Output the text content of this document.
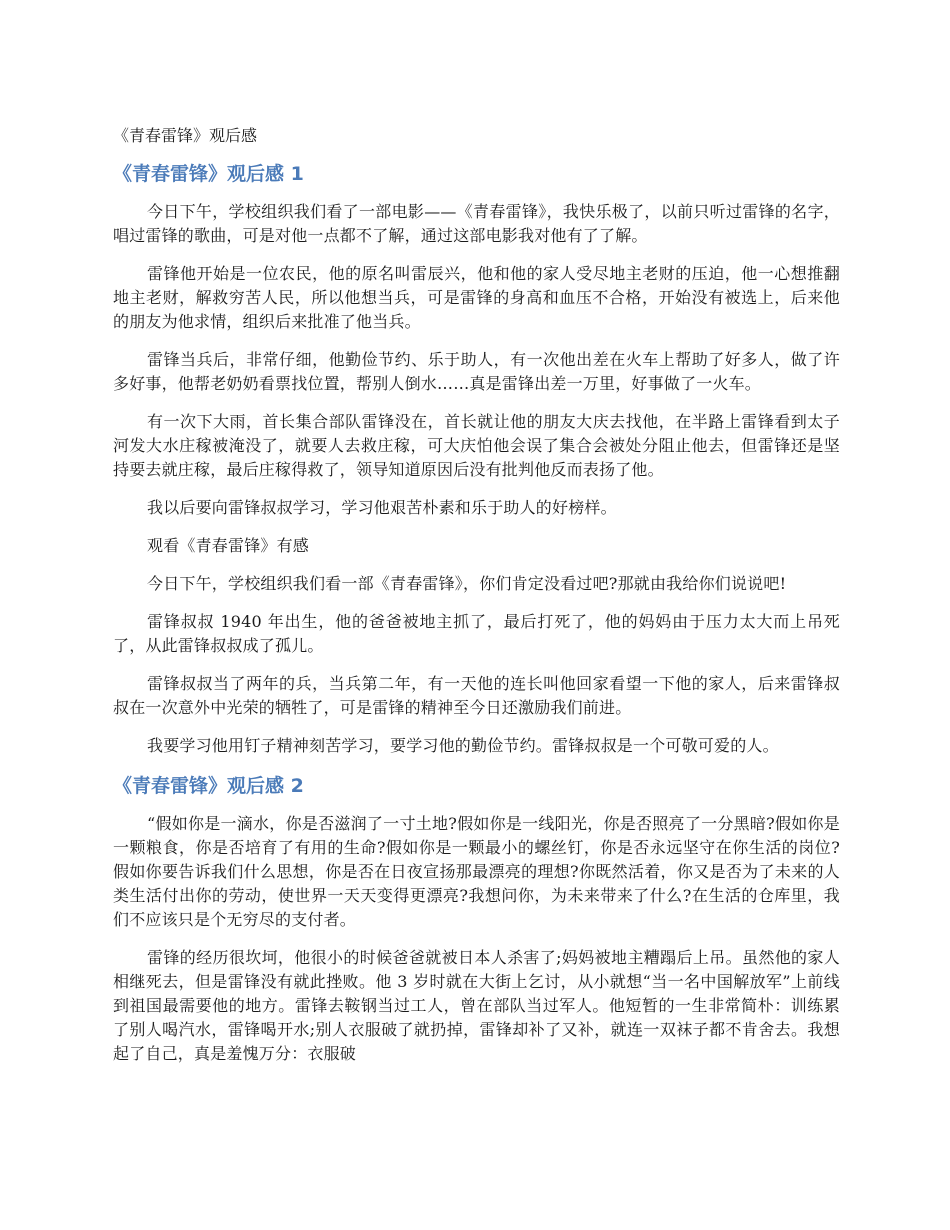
《青春雷锋》观后感
《青春雷锋》观后感 1

今日下午，学校组织我们看了一部电影——《青春雷锋》，我快乐极了，以前只听过雷锋的名字，唱过雷锋的歌曲，可是对他一点都不了解，通过这部电影我对他有了了解。

雷锋他开始是一位农民，他的原名叫雷辰兴，他和他的家人受尽地主老财的压迫，他一心想推翻地主老财，解救穷苦人民，所以他想当兵，可是雷锋的身高和血压不合格，开始没有被选上，后来他的朋友为他求情，组织后来批准了他当兵。

雷锋当兵后，非常仔细，他勤俭节约、乐于助人，有一次他出差在火车上帮助了好多人，做了许多好事，他帮老奶奶看票找位置，帮别人倒水……真是雷锋出差一万里，好事做了一火车。

有一次下大雨，首长集合部队雷锋没在，首长就让他的朋友大庆去找他，在半路上雷锋看到太子河发大水庄稼被淹没了，就要人去救庄稼，可大庆怕他会误了集合会被处分阻止他去，但雷锋还是坚持要去就庄稼，最后庄稼得救了，领导知道原因后没有批判他反而表扬了他。

我以后要向雷锋叔叔学习，学习他艰苦朴素和乐于助人的好榜样。

观看《青春雷锋》有感

今日下午，学校组织我们看一部《青春雷锋》，你们肯定没看过吧?那就由我给你们说说吧!

雷锋叔叔 1940 年出生，他的爸爸被地主抓了，最后打死了，他的妈妈由于压力太大而上吊死了，从此雷锋叔叔成了孤儿。

雷锋叔叔当了两年的兵，当兵第二年，有一天他的连长叫他回家看望一下他的家人，后来雷锋叔叔在一次意外中光荣的牺牲了，可是雷锋的精神至今日还激励我们前进。

我要学习他用钉子精神刻苦学习，要学习他的勤俭节约。雷锋叔叔是一个可敬可爱的人。

《青春雷锋》观后感 2

“假如你是一滴水，你是否滋润了一寸土地?假如你是一线阳光，你是否照亮了一分黑暗?假如你是一颗粮食，你是否培育了有用的生命?假如你是一颗最小的螺丝钉，你是否永远坚守在你生活的岗位?假如你要告诉我们什么思想，你是否在日夜宣扬那最漂亮的理想?你既然活着，你又是否为了未来的人类生活付出你的劳动，使世界一天天变得更漂亮?我想问你，为未来带来了什么?在生活的仓库里，我们不应该只是个无穷尽的支付者。

雷锋的经历很坎坷，他很小的时候爸爸就被日本人杀害了;妈妈被地主糟蹋后上吊。虽然他的家人相继死去，但是雷锋没有就此挫败。他 3 岁时就在大街上乞讨，从小就想“当一名中国解放军”上前线到祖国最需要他的地方。雷锋去鞍钢当过工人，曾在部队当过军人。他短暂的一生非常简朴：训练累了别人喝汽水，雷锋喝开水;别人衣服破了就扔掉，雷锋却补了又补，就连一双袜子都不肯舍去。我想起了自己，真是羞愧万分：衣服破
